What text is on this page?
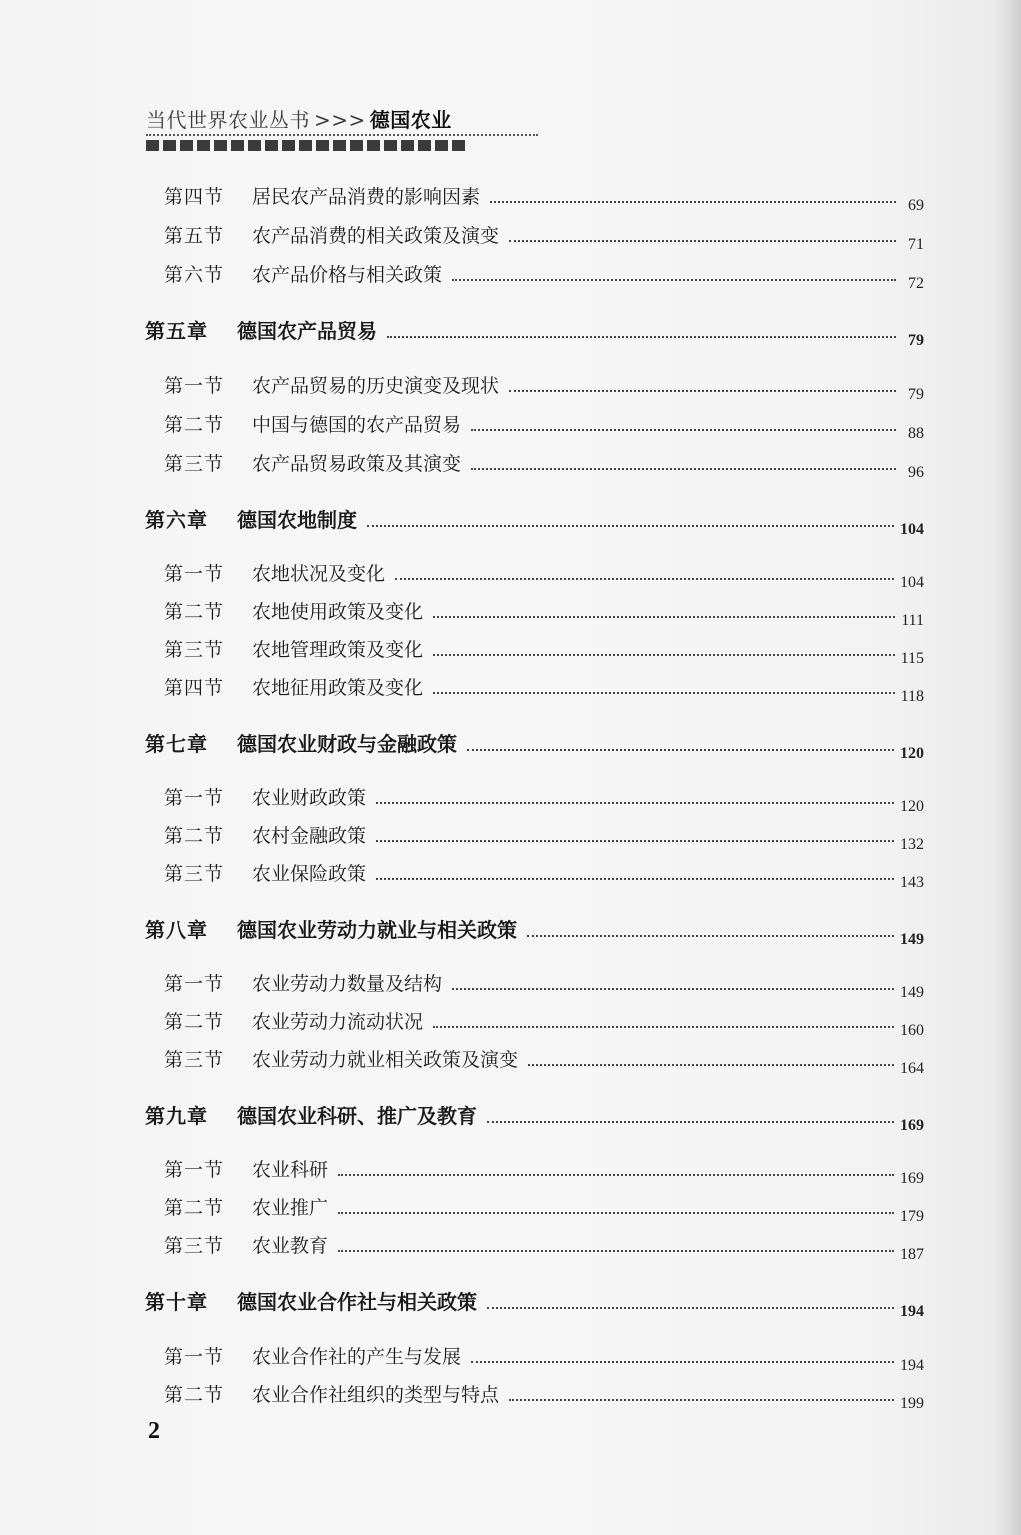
当代世界农业丛书 >>> 德国农业
第四节	居民农产品消费的影响因素	69
第五节	农产品消费的相关政策及演变	71
第六节	农产品价格与相关政策	72
第五章	德国农产品贸易	79
第一节	农产品贸易的历史演变及现状	79
第二节	中国与德国的农产品贸易	88
第三节	农产品贸易政策及其演变	96
第六章	德国农地制度	104
第一节	农地状况及变化	104
第二节	农地使用政策及变化	111
第三节	农地管理政策及变化	115
第四节	农地征用政策及变化	118
第七章	德国农业财政与金融政策	120
第一节	农业财政政策	120
第二节	农村金融政策	132
第三节	农业保险政策	143
第八章	德国农业劳动力就业与相关政策	149
第一节	农业劳动力数量及结构	149
第二节	农业劳动力流动状况	160
第三节	农业劳动力就业相关政策及演变	164
第九章	德国农业科研、推广及教育	169
第一节	农业科研	169
第二节	农业推广	179
第三节	农业教育	187
第十章	德国农业合作社与相关政策	194
第一节	农业合作社的产生与发展	194
第二节	农业合作社组织的类型与特点	199
2
